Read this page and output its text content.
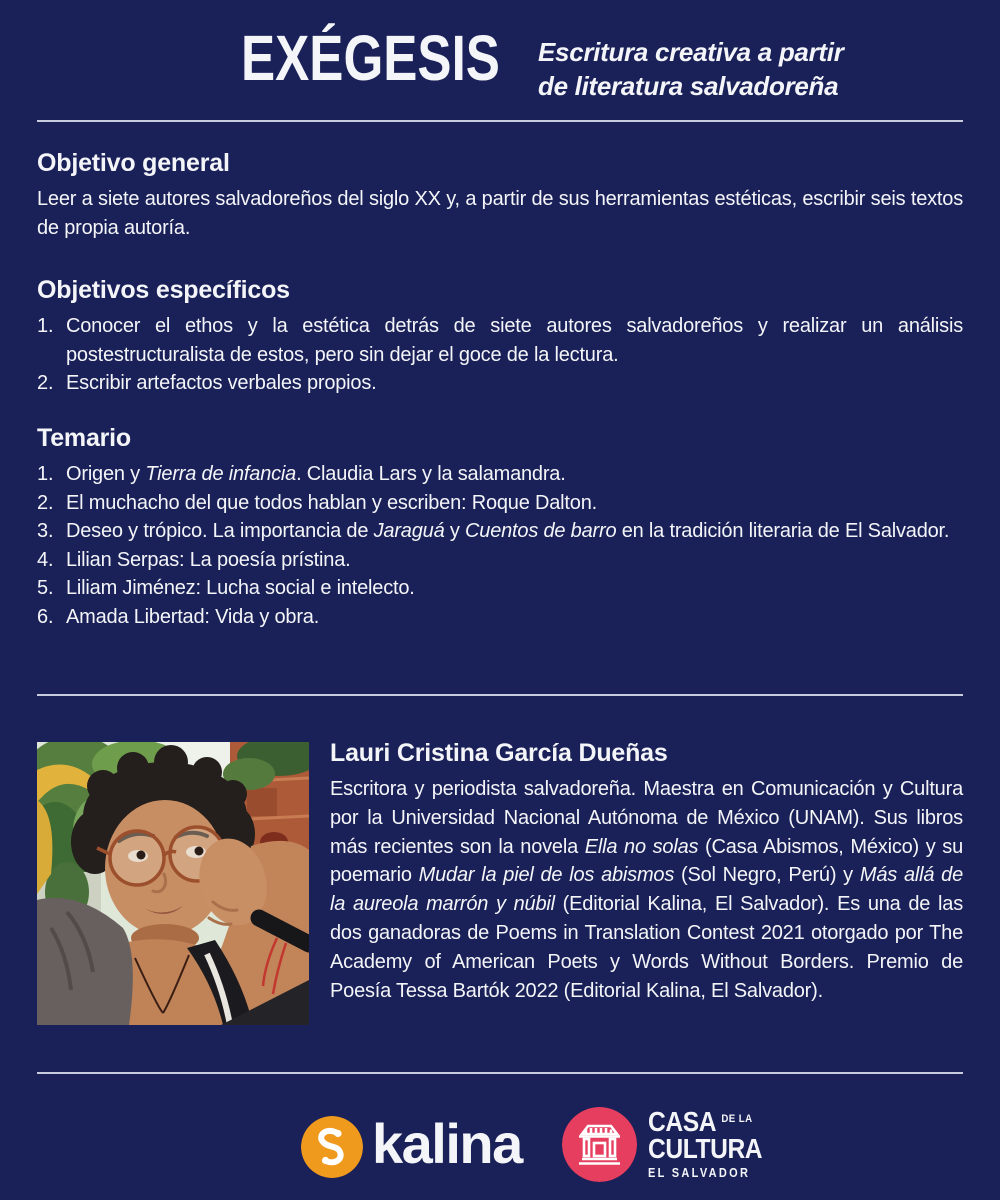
EXÉGESIS Escritura creativa a partir
de literatura salvadoreña

Objetivo general

Leer a siete autores salvadoreños del siglo XX y, a partir de sus herramientas estéticas, escribir seis textos de propia autoría.

Objetivos específicos
Conocer el ethos y la estética detrás de siete autores salvadoreños y realizar un análisis postestructuralista de estos, pero sin dejar el goce de la lectura.
Escribir artefactos verbales propios.
Temario
Origen y Tierra de infancia. Claudia Lars y la salamandra.
El muchacho del que todos hablan y escriben: Roque Dalton.
Deseo y trópico. La importancia de Jaraguá y Cuentos de barro en la tradición literaria de El Salvador.
Lilian Serpas: La poesía prístina.
Liliam Jiménez: Lucha social e intelecto.
Amada Libertad: Vida y obra.
Lauri Cristina García Dueñas

Escritora y periodista salvadoreña. Maestra en Comunicación y Cultura por la Universidad Nacional Autónoma de México (UNAM). Sus libros más recientes son la novela Ella no solas (Casa Abismos, México) y su poemario Mudar la piel de los abismos (Sol Negro, Perú) y Más allá de la aureola marrón y núbil (Editorial Kalina, El Salvador). Es una de las dos ganadoras de Poems in Translation Contest 2021 otorgado por The Academy of American Poets y Words Without Borders. Premio de Poesía Tessa Bartók 2022 (Editorial Kalina, El Salvador).

kalina	CASA DE LA
CULTURA
EL SALVADOR
